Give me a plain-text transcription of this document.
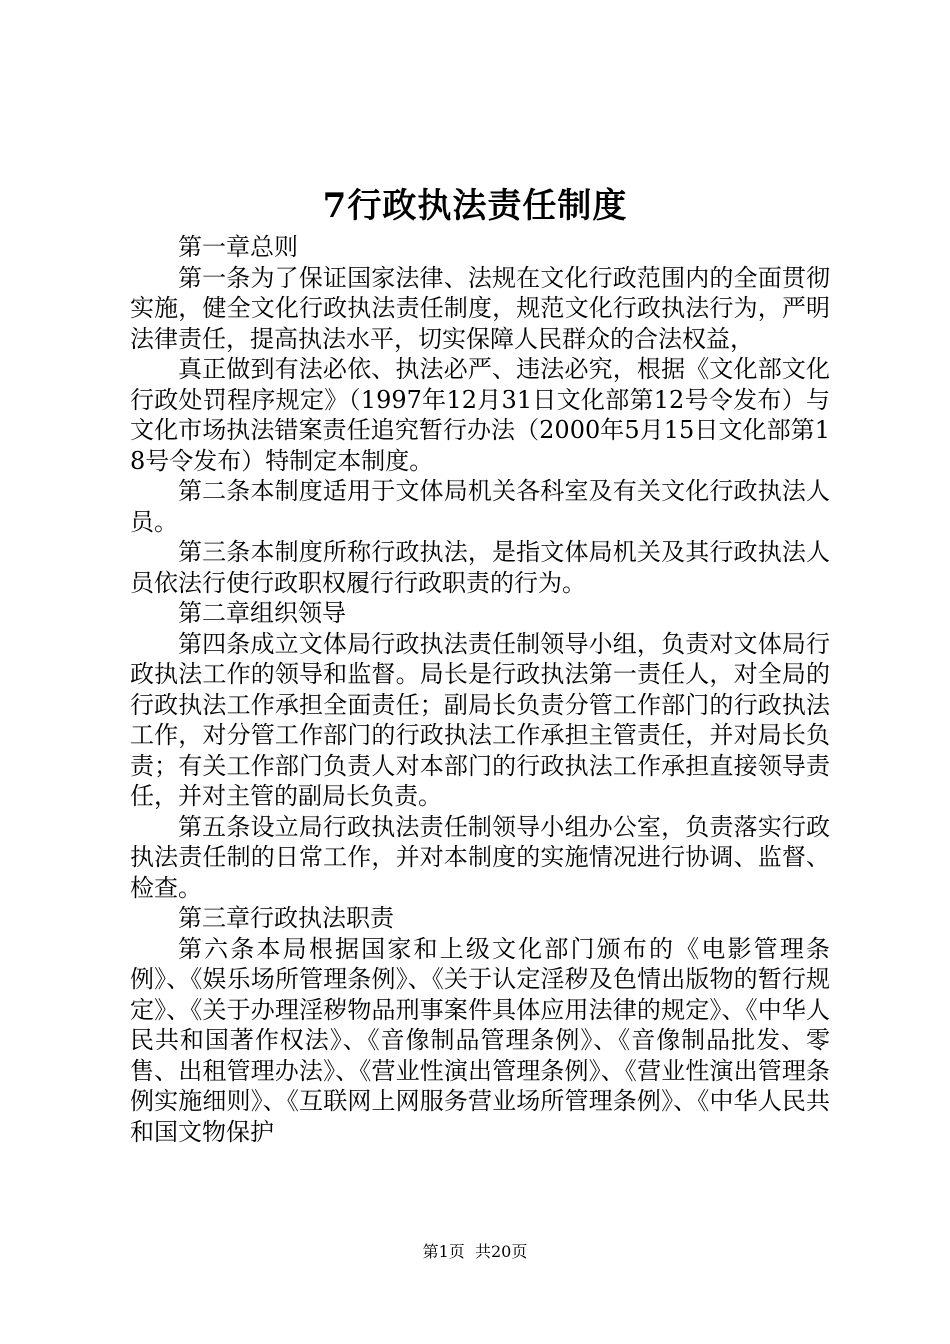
7行政执法责任制度

第一章总则

第一条为了保证国家法律、法规在文化行政范围内的全面贯彻实施，健全文化行政执法责任制度，规范文化行政执法行为，严明法律责任，提高执法水平，切实保障人民群众的合法权益，

真正做到有法必依、执法必严、违法必究，根据《文化部文化行政处罚程序规定》（1997年12月31日文化部第12号令发布）与文化市场执法错案责任追究暂行办法（2000年5月15日文化部第18号令发布）特制定本制度。

第二条本制度适用于文体局机关各科室及有关文化行政执法人员。

第三条本制度所称行政执法，是指文体局机关及其行政执法人员依法行使行政职权履行行政职责的行为。

第二章组织领导

第四条成立文体局行政执法责任制领导小组，负责对文体局行政执法工作的领导和监督。局长是行政执法第一责任人，对全局的行政执法工作承担全面责任；副局长负责分管工作部门的行政执法工作，对分管工作部门的行政执法工作承担主管责任，并对局长负责；有关工作部门负责人对本部门的行政执法工作承担直接领导责任，并对主管的副局长负责。

第五条设立局行政执法责任制领导小组办公室，负责落实行政执法责任制的日常工作，并对本制度的实施情况进行协调、监督、检查。

第三章行政执法职责

第六条本局根据国家和上级文化部门颁布的《电影管理条例》、《娱乐场所管理条例》、《关于认定淫秽及色情出版物的暂行规定》、《关于办理淫秽物品刑事案件具体应用法律的规定》、《中华人民共和国著作权法》、《音像制品管理条例》、《音像制品批发、零售、出租管理办法》、《营业性演出管理条例》、《营业性演出管理条例实施细则》、《互联网上网服务营业场所管理条例》、《中华人民共和国文物保护

第1页 共20页
